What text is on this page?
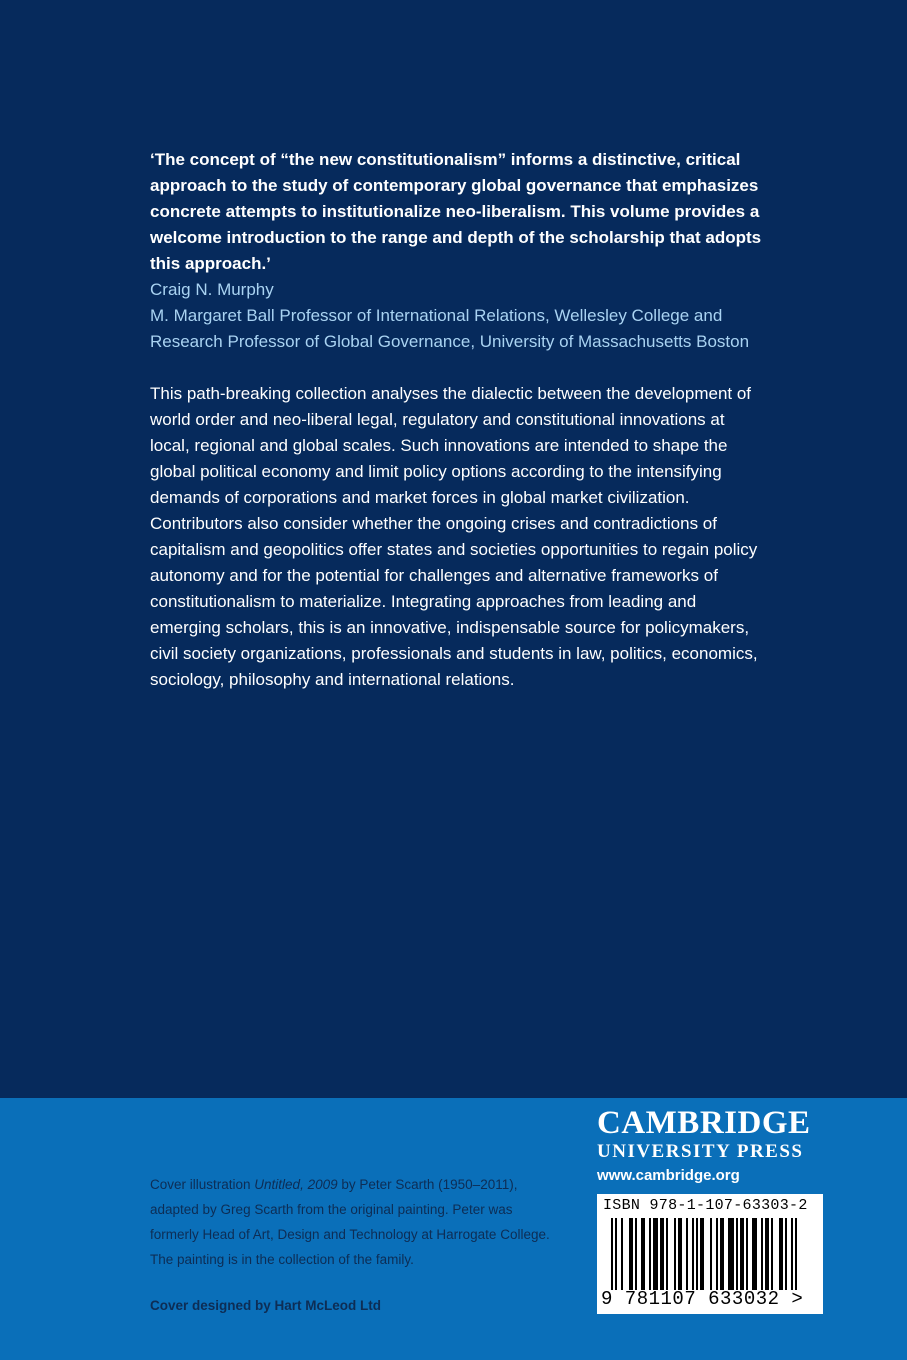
‘The concept of “the new constitutionalism” informs a distinctive, critical approach to the study of contemporary global governance that emphasizes concrete attempts to institutionalize neo-liberalism. This volume provides a welcome introduction to the range and depth of the scholarship that adopts this approach.’

Craig N. Murphy
M. Margaret Ball Professor of International Relations, Wellesley College and
Research Professor of Global Governance, University of Massachusetts Boston

This path-breaking collection analyses the dialectic between the development of world order and neo-liberal legal, regulatory and constitutional innovations at local, regional and global scales. Such innovations are intended to shape the global political economy and limit policy options according to the intensifying demands of corporations and market forces in global market civilization. Contributors also consider whether the ongoing crises and contradictions of capitalism and geopolitics offer states and societies opportunities to regain policy autonomy and for the potential for challenges and alternative frameworks of constitutionalism to materialize. Integrating approaches from leading and emerging scholars, this is an innovative, indispensable source for policymakers, civil society organizations, professionals and students in law, politics, economics, sociology, philosophy and international relations.

Cover illustration Untitled, 2009 by Peter Scarth (1950–2011), adapted by Greg Scarth from the original painting. Peter was formerly Head of Art, Design and Technology at Harrogate College. The painting is in the collection of the family.

Cover designed by Hart McLeod Ltd
CAMBRIDGE
UNIVERSITY PRESS
www.cambridge.org
ISBN 978-1-107-63303-2
9 781107 633032 >
